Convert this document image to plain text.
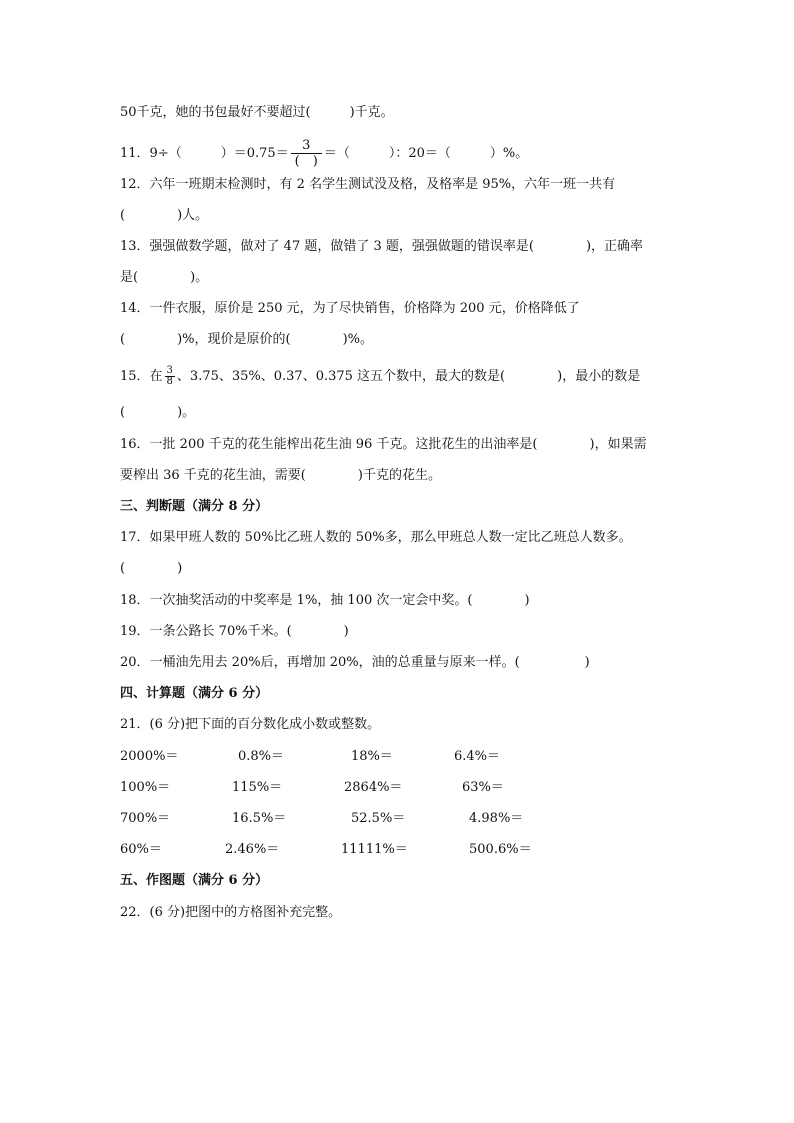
50千克，她的书包最好不要超过(　　　)千克。
11．9÷（　　　）$=0.75= \frac{3}{( )}$ ＝（　　　）：20＝（　　　）%。
12．六年一班期末检测时，有 2 名学生测试没及格，及格率是 95%，六年一班一共有
(　　　　)人。
13．强强做数学题，做对了 47 题，做错了 3 题，强强做题的错误率是(　　　　)，正确率
是(　　　　)。
14．一件衣服，原价是 250 元，为了尽快销售，价格降为 200 元，价格降低了
(　　　　)%，现价是原价的(　　　　)%。
15．在 $\frac{3}{8}$ 、3.75、35%、0.37、0.375 这五个数中，最大的数是(　　　　)，最小的数是
(　　　　)。
16．一批 200 千克的花生能榨出花生油 96 千克。这批花生的出油率是(　　　　)，如果需
要榨出 36 千克的花生油，需要(　　　　)千克的花生。
三、判断题（满分 8 分）
17．如果甲班人数的 50%比乙班人数的 50%多，那么甲班总人数一定比乙班总人数多。
(　　　　)
18．一次抽奖活动的中奖率是 1%，抽 100 次一定会中奖。(　　　　)
19．一条公路长 70%千米。(　　　　)
20．一桶油先用去 20%后，再增加 20%，油的总重量与原来一样。(　　　　　)
四、计算题（满分 6 分）
21．(6 分)把下面的百分数化成小数或整数。
2000%＝	0.8%＝	18%＝	6.4%＝
100%＝	115%＝	2864%＝	63%＝
700%＝	16.5%＝	52.5%＝	4.98%＝
60%＝	2.46%＝	11111%＝	500.6%＝
五、作图题（满分 6 分）
22．(6 分)把图中的方格图补充完整。
